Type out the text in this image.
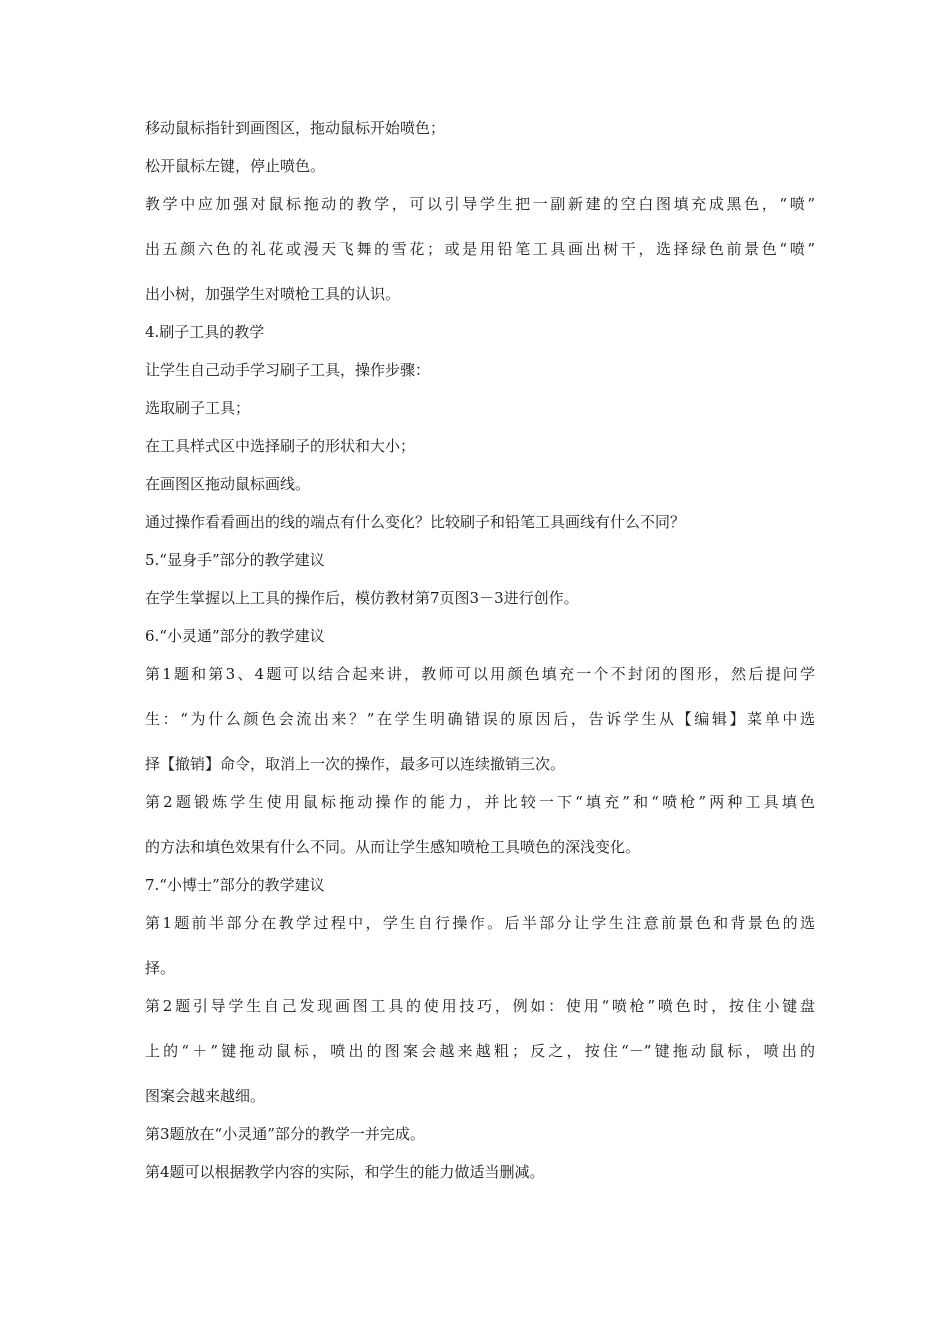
移动鼠标指针到画图区，拖动鼠标开始喷色；
松开鼠标左键，停止喷色。
教学中应加强对鼠标拖动的教学，可以引导学生把一副新建的空白图填充成黑色，“喷”
出五颜六色的礼花或漫天飞舞的雪花；或是用铅笔工具画出树干，选择绿色前景色“喷”
出小树，加强学生对喷枪工具的认识。
4.刷子工具的教学
让学生自己动手学习刷子工具，操作步骤：
选取刷子工具；
在工具样式区中选择刷子的形状和大小；
在画图区拖动鼠标画线。
通过操作看看画出的线的端点有什么变化？比较刷子和铅笔工具画线有什么不同？
5.“显身手”部分的教学建议
在学生掌握以上工具的操作后，模仿教材第7页图3－3进行创作。
6.“小灵通”部分的教学建议
第1题和第3、4题可以结合起来讲，教师可以用颜色填充一个不封闭的图形，然后提问学
生：“为什么颜色会流出来？”在学生明确错误的原因后，告诉学生从【编辑】菜单中选
择【撤销】命令，取消上一次的操作，最多可以连续撤销三次。
第2题锻炼学生使用鼠标拖动操作的能力，并比较一下“填充”和“喷枪”两种工具填色
的方法和填色效果有什么不同。从而让学生感知喷枪工具喷色的深浅变化。
7.“小博士”部分的教学建议
第1题前半部分在教学过程中，学生自行操作。后半部分让学生注意前景色和背景色的选
择。
第2题引导学生自己发现画图工具的使用技巧，例如：使用“喷枪”喷色时，按住小键盘
上的“＋”键拖动鼠标，喷出的图案会越来越粗；反之，按住“－”键拖动鼠标，喷出的
图案会越来越细。
第3题放在“小灵通”部分的教学一并完成。
第4题可以根据教学内容的实际，和学生的能力做适当删减。
